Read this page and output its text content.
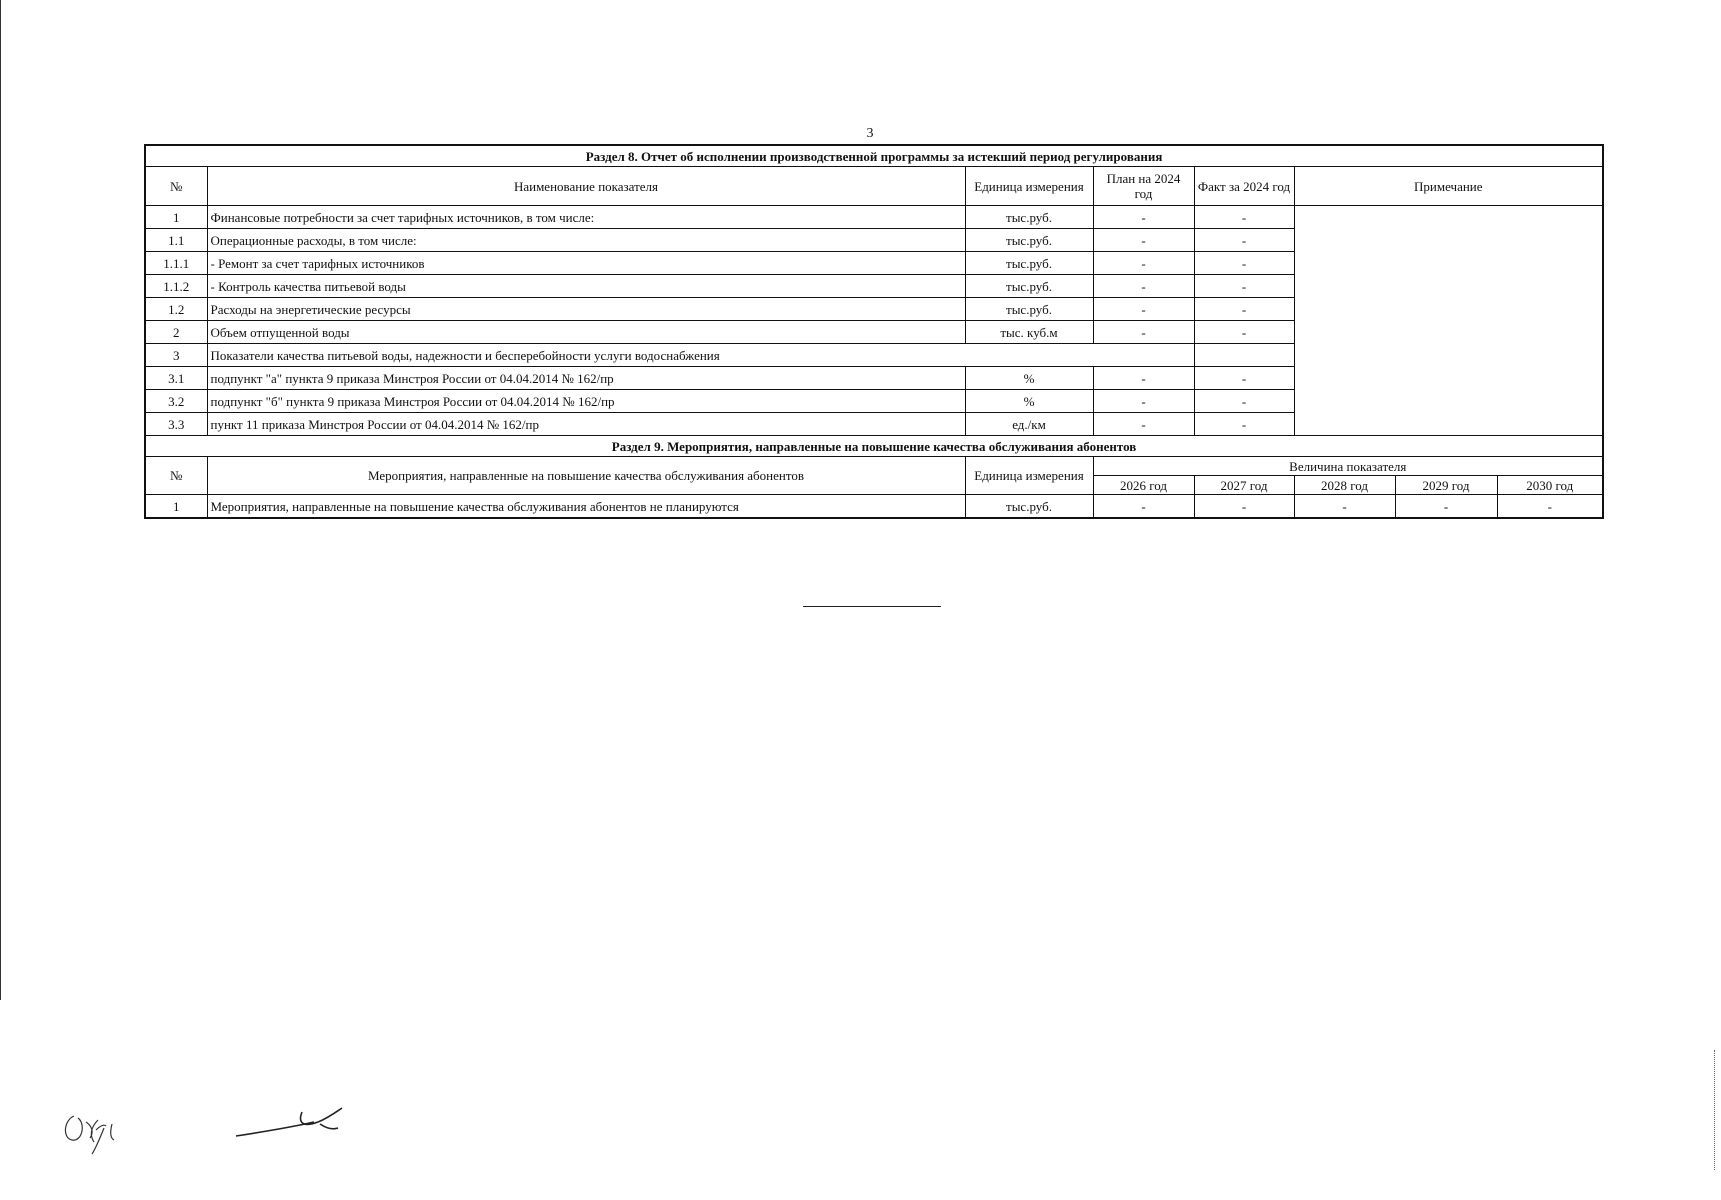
3
Раздел 8. Отчет об исполнении производственной программы за истекший период регулирования							
№	Наименование показателя	Единица измерения	План на 2024 год	Факт за 2024 год	Примечание		
1	Финансовые потребности за счет тарифных источников, в том числе:	тыс.руб.	-	-			
1.1	Операционные расходы, в том числе:	тыс.руб.	-	-			
1.1.1	- Ремонт за счет тарифных источников	тыс.руб.	-	-			
1.1.2	- Контроль качества питьевой воды	тыс.руб.	-	-			
1.2	Расходы на энергетические ресурсы	тыс.руб.	-	-			
2	Объем отпущенной воды	тыс. куб.м	-	-			
3	Показатели качества питьевой воды, надежности и бесперебойности услуги водоснабжения						
3.1	подпункт "а" пункта 9 приказа Минстроя России от 04.04.2014 № 162/пр	%	-	-			
3.2	подпункт "б" пункта 9 приказа Минстроя России от 04.04.2014 № 162/пр	%	-	-			
3.3	пункт 11 приказа Минстроя России от 04.04.2014 № 162/пр	ед./км	-	-			
Раздел 9. Мероприятия, направленные на повышение качества обслуживания абонентов							
№	Мероприятия, направленные на повышение качества обслуживания абонентов	Единица измерения	Величина показателя				
			2026 год	2027 год	2028 год	2029 год	2030 год
1	Мероприятия, направленные на повышение качества обслуживания абонентов не планируются	тыс.руб.	-	-	-	-	-
